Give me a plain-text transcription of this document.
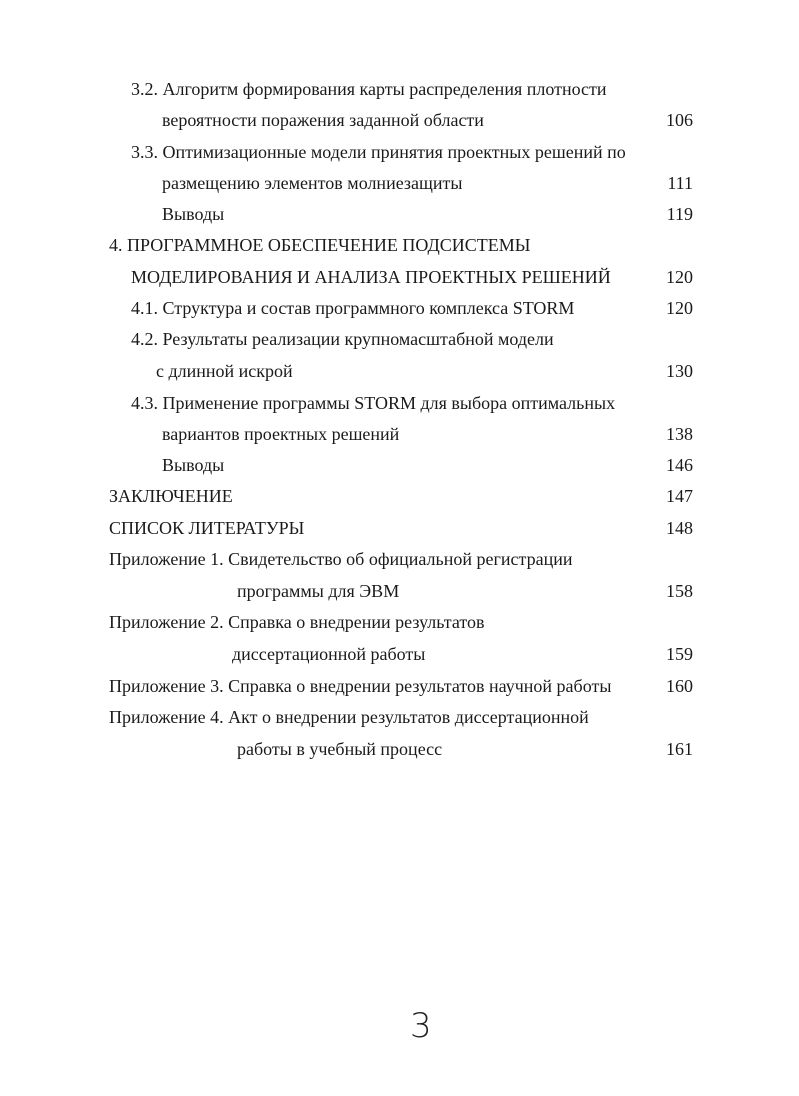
3.2. Алгоритм формирования карты распределения плотности
вероятности поражения заданной области	106
3.3. Оптимизационные модели принятия проектных решений по
размещению элементов молниезащиты	111
Выводы	119
4. ПРОГРАММНОЕ ОБЕСПЕЧЕНИЕ ПОДСИСТЕМЫ
МОДЕЛИРОВАНИЯ И АНАЛИЗА ПРОЕКТНЫХ РЕШЕНИЙ	120
4.1. Структура и состав программного комплекса STORM	120
4.2. Результаты реализации крупномасштабной модели
с длинной искрой	130
4.3. Применение программы STORM для выбора оптимальных
вариантов проектных решений	138
Выводы	146
ЗАКЛЮЧЕНИЕ	147
СПИСОК ЛИТЕРАТУРЫ	148
Приложение 1. Свидетельство об официальной регистрации
программы для ЭВМ	158
Приложение 2. Справка о внедрении результатов
диссертационной работы	159
Приложение 3. Справка о внедрении результатов научной работы	160
Приложение 4. Акт о внедрении результатов диссертационной
работы в учебный процесс	161
3
